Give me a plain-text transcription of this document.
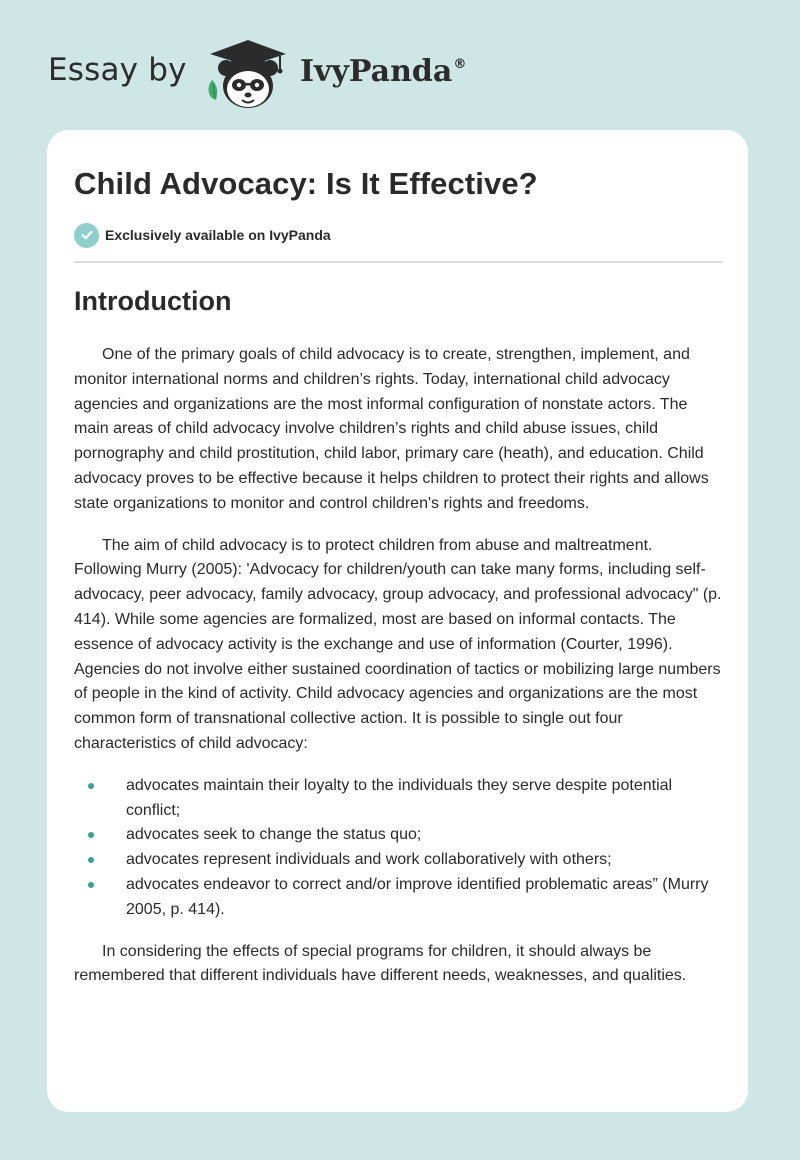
Essay by	IvyPanda®
Child Advocacy: Is It Effective?
Exclusively available on IvyPanda
Introduction

One of the primary goals of child advocacy is to create, strengthen, implement, and monitor international norms and children’s rights. Today, international child advocacy agencies and organizations are the most informal configuration of nonstate actors. The main areas of child advocacy involve children’s rights and child abuse issues, child pornography and child prostitution, child labor, primary care (heath), and education. Child advocacy proves to be effective because it helps children to protect their rights and allows state organizations to monitor and control children's rights and freedoms.

The aim of child advocacy is to protect children from abuse and maltreatment. Following Murry (2005): 'Advocacy for children/youth can take many forms, including self-advocacy, peer advocacy, family advocacy, group advocacy, and professional advocacy" (p. 414). While some agencies are formalized, most are based on informal contacts. The essence of advocacy activity is the exchange and use of information (Courter, 1996). Agencies do not involve either sustained coordination of tactics or mobilizing large numbers of people in the kind of activity. Child advocacy agencies and organizations are the most common form of transnational collective action. It is possible to single out four characteristics of child advocacy:

advocates maintain their loyalty to the individuals they serve despite potential conflict;
advocates seek to change the status quo;
advocates represent individuals and work collaboratively with others;
advocates endeavor to correct and/or improve identified problematic areas” (Murry 2005, p. 414).

In considering the effects of special programs for children, it should always be remembered that different individuals have different needs, weaknesses, and qualities.
